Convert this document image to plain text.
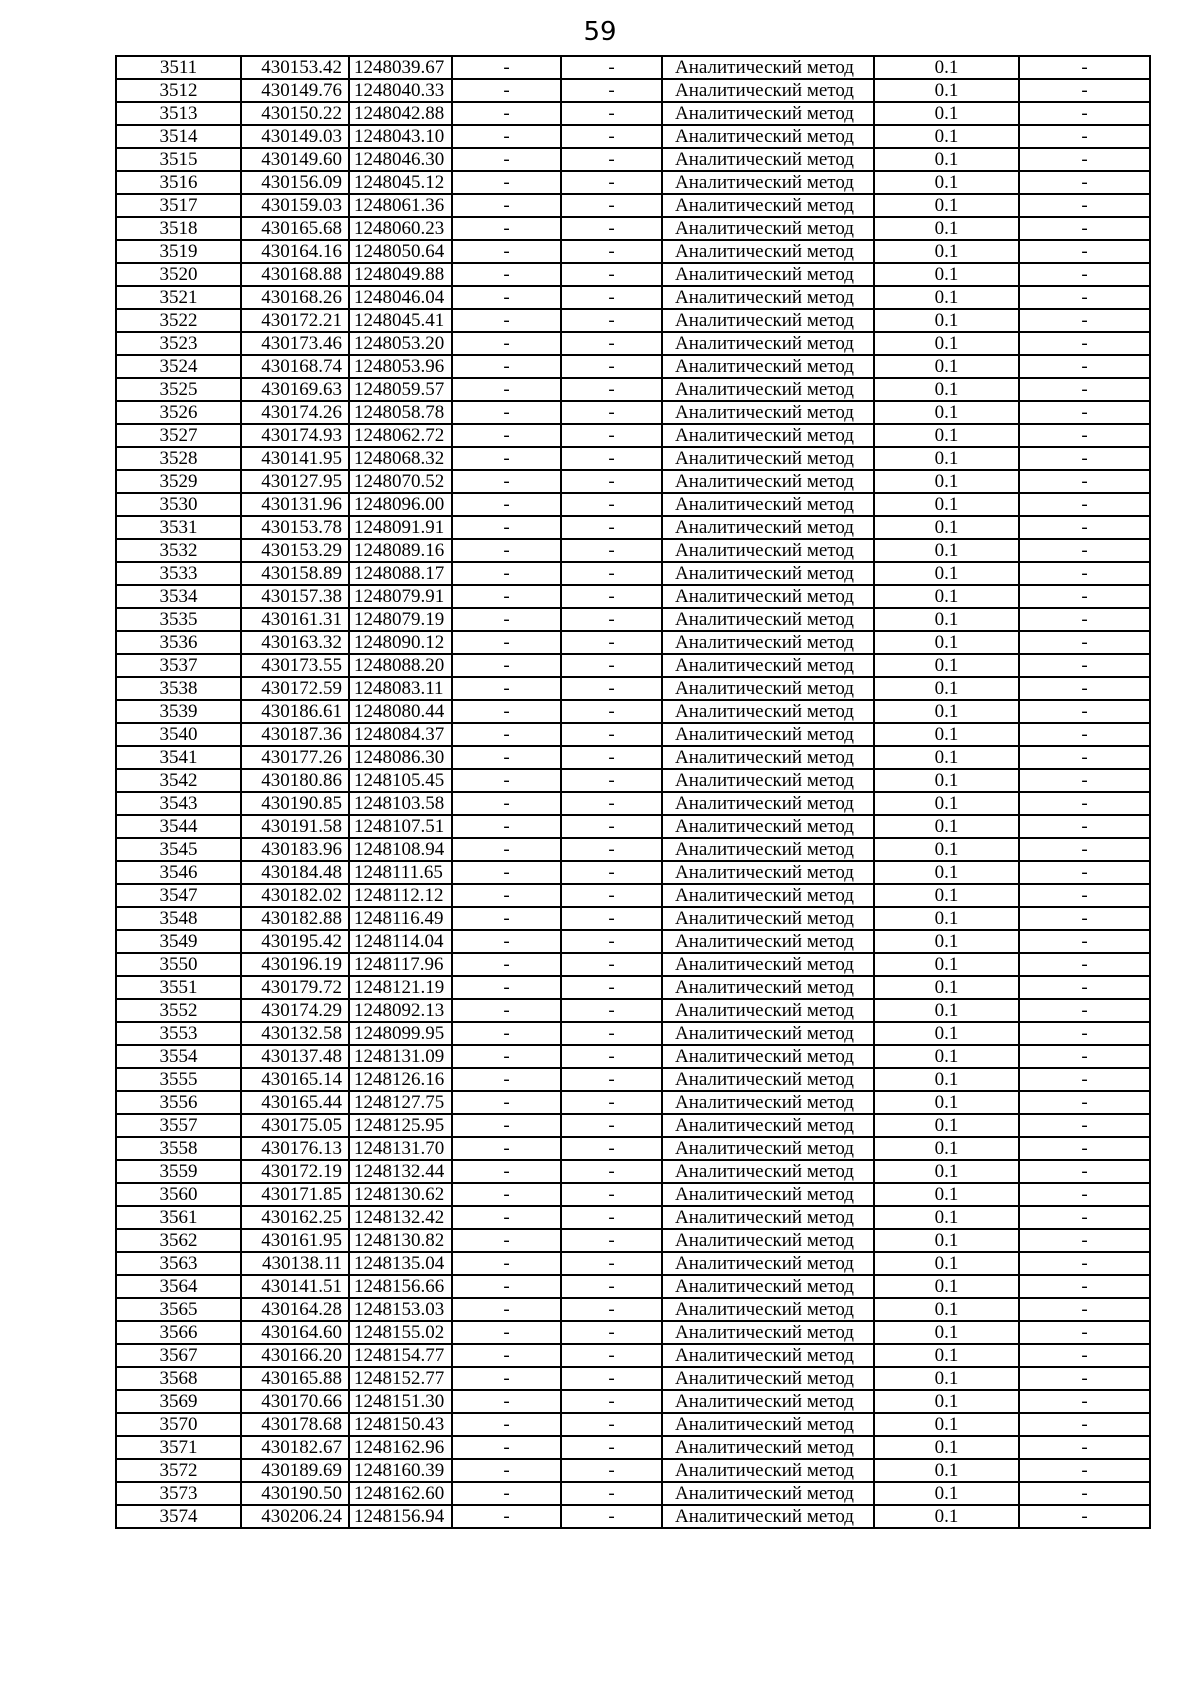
59
3511	430153.42	1248039.67	-	-	Аналитический метод	0.1	-
3512	430149.76	1248040.33	-	-	Аналитический метод	0.1	-
3513	430150.22	1248042.88	-	-	Аналитический метод	0.1	-
3514	430149.03	1248043.10	-	-	Аналитический метод	0.1	-
3515	430149.60	1248046.30	-	-	Аналитический метод	0.1	-
3516	430156.09	1248045.12	-	-	Аналитический метод	0.1	-
3517	430159.03	1248061.36	-	-	Аналитический метод	0.1	-
3518	430165.68	1248060.23	-	-	Аналитический метод	0.1	-
3519	430164.16	1248050.64	-	-	Аналитический метод	0.1	-
3520	430168.88	1248049.88	-	-	Аналитический метод	0.1	-
3521	430168.26	1248046.04	-	-	Аналитический метод	0.1	-
3522	430172.21	1248045.41	-	-	Аналитический метод	0.1	-
3523	430173.46	1248053.20	-	-	Аналитический метод	0.1	-
3524	430168.74	1248053.96	-	-	Аналитический метод	0.1	-
3525	430169.63	1248059.57	-	-	Аналитический метод	0.1	-
3526	430174.26	1248058.78	-	-	Аналитический метод	0.1	-
3527	430174.93	1248062.72	-	-	Аналитический метод	0.1	-
3528	430141.95	1248068.32	-	-	Аналитический метод	0.1	-
3529	430127.95	1248070.52	-	-	Аналитический метод	0.1	-
3530	430131.96	1248096.00	-	-	Аналитический метод	0.1	-
3531	430153.78	1248091.91	-	-	Аналитический метод	0.1	-
3532	430153.29	1248089.16	-	-	Аналитический метод	0.1	-
3533	430158.89	1248088.17	-	-	Аналитический метод	0.1	-
3534	430157.38	1248079.91	-	-	Аналитический метод	0.1	-
3535	430161.31	1248079.19	-	-	Аналитический метод	0.1	-
3536	430163.32	1248090.12	-	-	Аналитический метод	0.1	-
3537	430173.55	1248088.20	-	-	Аналитический метод	0.1	-
3538	430172.59	1248083.11	-	-	Аналитический метод	0.1	-
3539	430186.61	1248080.44	-	-	Аналитический метод	0.1	-
3540	430187.36	1248084.37	-	-	Аналитический метод	0.1	-
3541	430177.26	1248086.30	-	-	Аналитический метод	0.1	-
3542	430180.86	1248105.45	-	-	Аналитический метод	0.1	-
3543	430190.85	1248103.58	-	-	Аналитический метод	0.1	-
3544	430191.58	1248107.51	-	-	Аналитический метод	0.1	-
3545	430183.96	1248108.94	-	-	Аналитический метод	0.1	-
3546	430184.48	1248111.65	-	-	Аналитический метод	0.1	-
3547	430182.02	1248112.12	-	-	Аналитический метод	0.1	-
3548	430182.88	1248116.49	-	-	Аналитический метод	0.1	-
3549	430195.42	1248114.04	-	-	Аналитический метод	0.1	-
3550	430196.19	1248117.96	-	-	Аналитический метод	0.1	-
3551	430179.72	1248121.19	-	-	Аналитический метод	0.1	-
3552	430174.29	1248092.13	-	-	Аналитический метод	0.1	-
3553	430132.58	1248099.95	-	-	Аналитический метод	0.1	-
3554	430137.48	1248131.09	-	-	Аналитический метод	0.1	-
3555	430165.14	1248126.16	-	-	Аналитический метод	0.1	-
3556	430165.44	1248127.75	-	-	Аналитический метод	0.1	-
3557	430175.05	1248125.95	-	-	Аналитический метод	0.1	-
3558	430176.13	1248131.70	-	-	Аналитический метод	0.1	-
3559	430172.19	1248132.44	-	-	Аналитический метод	0.1	-
3560	430171.85	1248130.62	-	-	Аналитический метод	0.1	-
3561	430162.25	1248132.42	-	-	Аналитический метод	0.1	-
3562	430161.95	1248130.82	-	-	Аналитический метод	0.1	-
3563	430138.11	1248135.04	-	-	Аналитический метод	0.1	-
3564	430141.51	1248156.66	-	-	Аналитический метод	0.1	-
3565	430164.28	1248153.03	-	-	Аналитический метод	0.1	-
3566	430164.60	1248155.02	-	-	Аналитический метод	0.1	-
3567	430166.20	1248154.77	-	-	Аналитический метод	0.1	-
3568	430165.88	1248152.77	-	-	Аналитический метод	0.1	-
3569	430170.66	1248151.30	-	-	Аналитический метод	0.1	-
3570	430178.68	1248150.43	-	-	Аналитический метод	0.1	-
3571	430182.67	1248162.96	-	-	Аналитический метод	0.1	-
3572	430189.69	1248160.39	-	-	Аналитический метод	0.1	-
3573	430190.50	1248162.60	-	-	Аналитический метод	0.1	-
3574	430206.24	1248156.94	-	-	Аналитический метод	0.1	-
